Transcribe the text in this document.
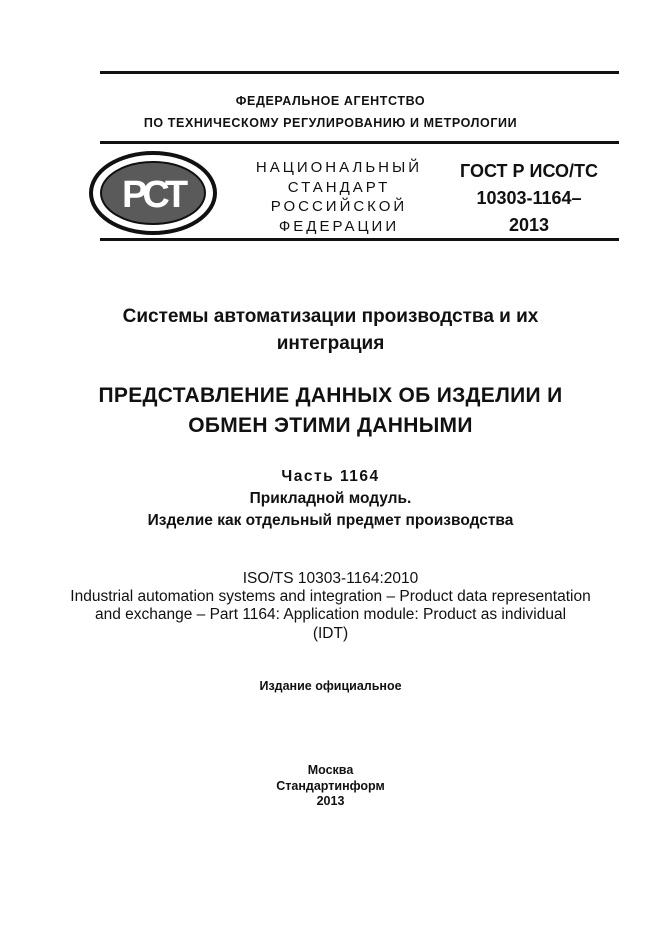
ФЕДЕРАЛЬНОЕ АГЕНТСТВО
ПО ТЕХНИЧЕСКОМУ РЕГУЛИРОВАНИЮ И МЕТРОЛОГИИ
РСТ
НАЦИОНАЛЬНЫЙ
СТАНДАРТ
РОССИЙСКОЙ
ФЕДЕРАЦИИ
ГОСТ Р ИСО/ТС
10303-1164–
2013
Системы автоматизации производства и их
интеграция
ПРЕДСТАВЛЕНИЕ ДАННЫХ ОБ ИЗДЕЛИИ И
ОБМЕН ЭТИМИ ДАННЫМИ
Часть 1164
Прикладной модуль.
Изделие как отдельный предмет производства
ISO/TS 10303-1164:2010
Industrial automation systems and integration – Product data representation
and exchange – Part 1164: Application module: Product as individual
(IDT)
Издание официальное
Москва
Стандартинформ
2013
